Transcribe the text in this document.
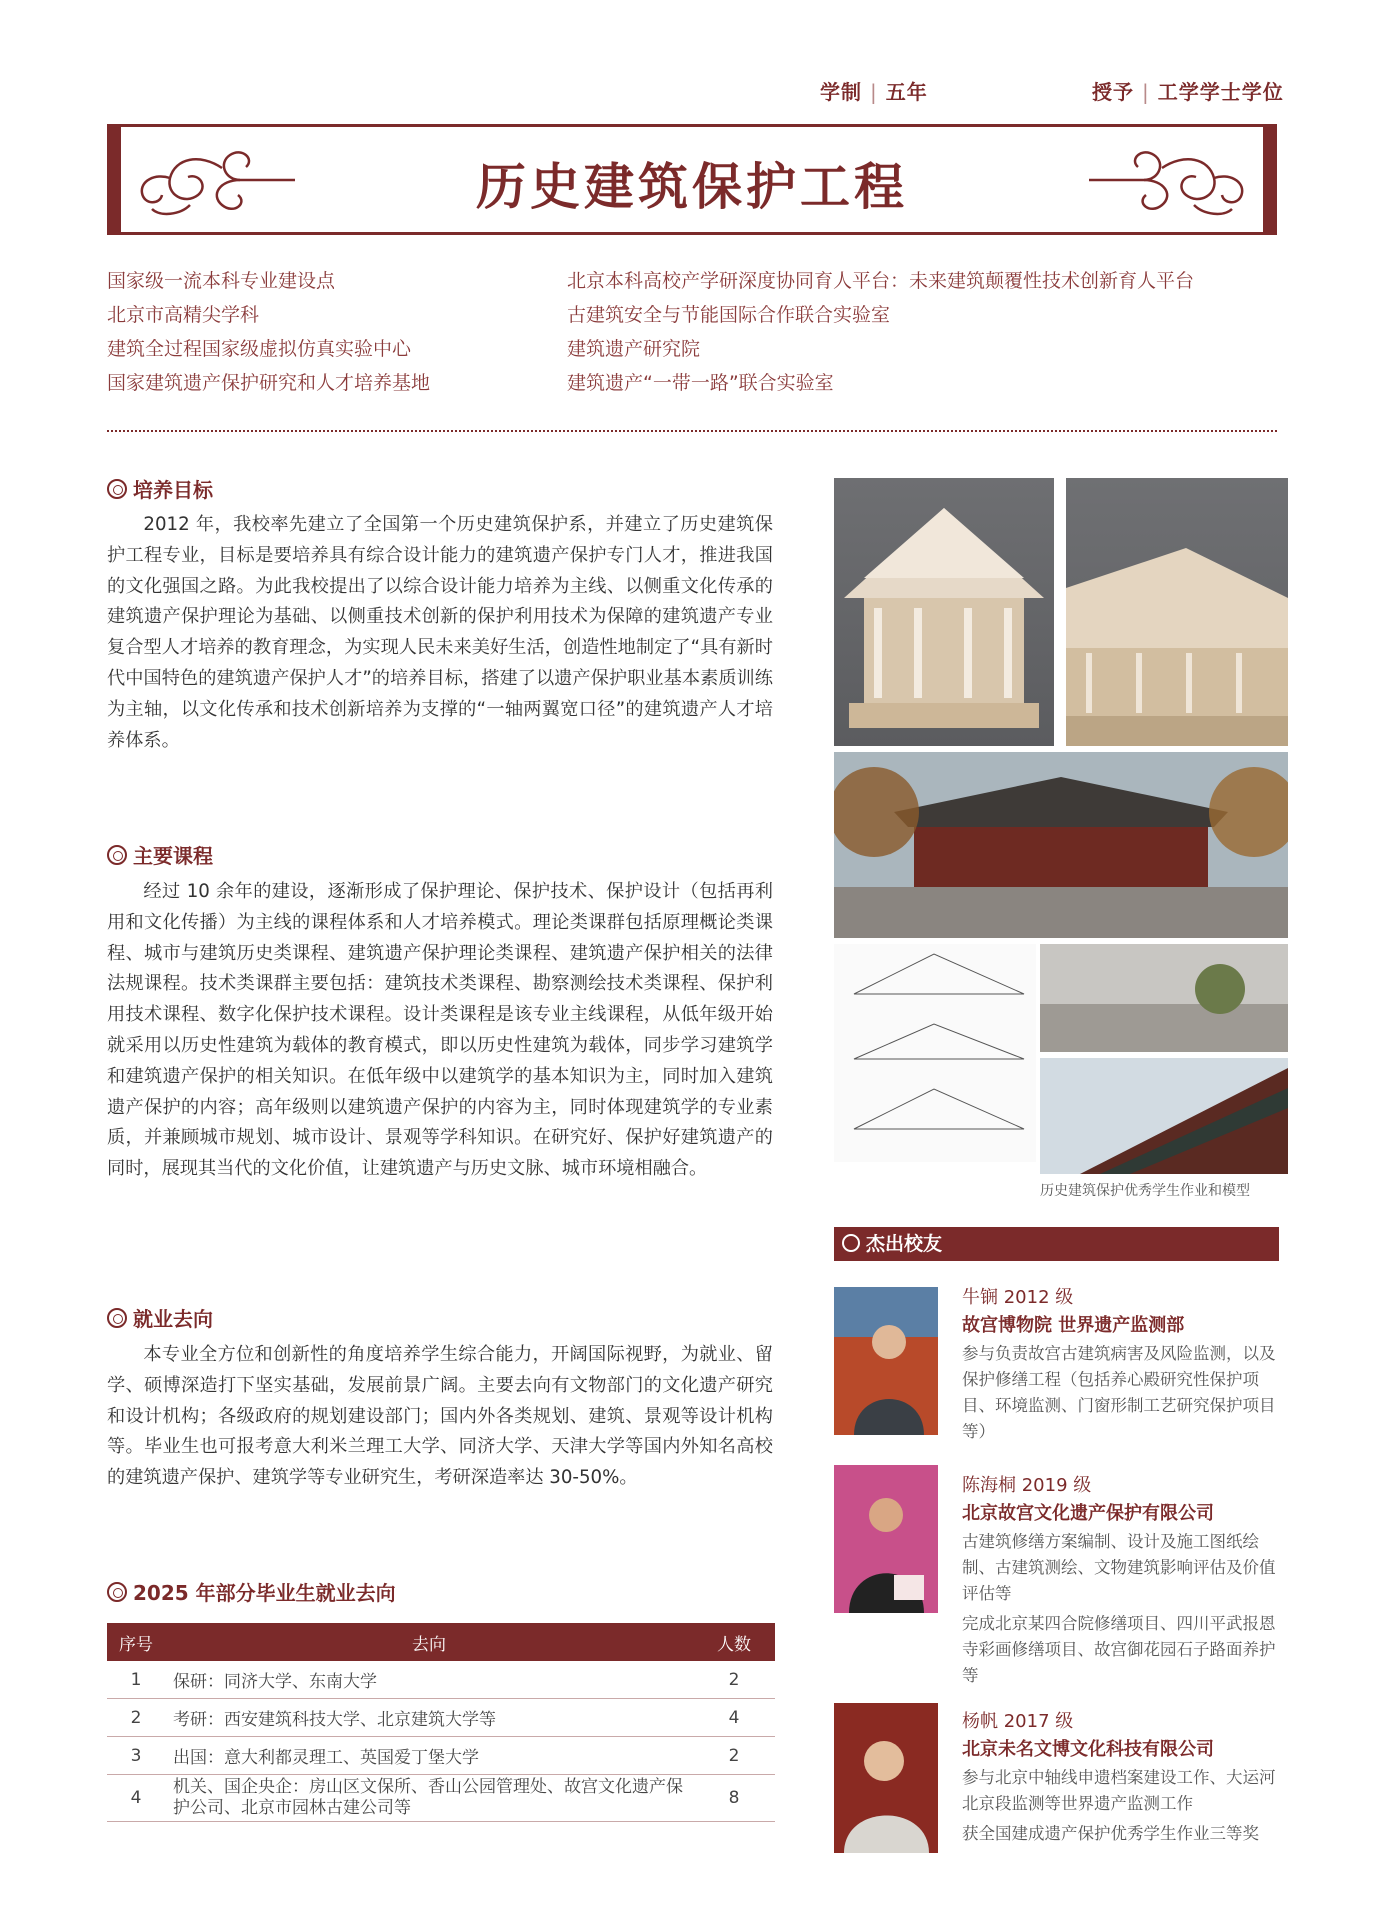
学制 | 五年	授予 | 工学学士学位
历史建筑保护工程
国家级一流本科专业建设点
北京市高精尖学科
建筑全过程国家级虚拟仿真实验中心
国家建筑遗产保护研究和人才培养基地
北京本科高校产学研深度协同育人平台：未来建筑颠覆性技术创新育人平台
古建筑安全与节能国际合作联合实验室
建筑遗产研究院
建筑遗产“一带一路”联合实验室
培养目标
2012 年，我校率先建立了全国第一个历史建筑保护系，并建立了历史建筑保护工程专业，目标是要培养具有综合设计能力的建筑遗产保护专门人才，推进我国的文化强国之路。为此我校提出了以综合设计能力培养为主线、以侧重文化传承的建筑遗产保护理论为基础、以侧重技术创新的保护利用技术为保障的建筑遗产专业复合型人才培养的教育理念，为实现人民未来美好生活，创造性地制定了“具有新时代中国特色的建筑遗产保护人才”的培养目标，搭建了以遗产保护职业基本素质训练为主轴，以文化传承和技术创新培养为支撑的“一轴两翼宽口径”的建筑遗产人才培养体系。
主要课程
经过 10 余年的建设，逐渐形成了保护理论、保护技术、保护设计（包括再利用和文化传播）为主线的课程体系和人才培养模式。理论类课群包括原理概论类课程、城市与建筑历史类课程、建筑遗产保护理论类课程、建筑遗产保护相关的法律法规课程。技术类课群主要包括：建筑技术类课程、勘察测绘技术类课程、保护利用技术课程、数字化保护技术课程。设计类课程是该专业主线课程，从低年级开始就采用以历史性建筑为载体的教育模式，即以历史性建筑为载体，同步学习建筑学和建筑遗产保护的相关知识。在低年级中以建筑学的基本知识为主，同时加入建筑遗产保护的内容；高年级则以建筑遗产保护的内容为主，同时体现建筑学的专业素质，并兼顾城市规划、城市设计、景观等学科知识。在研究好、保护好建筑遗产的同时，展现其当代的文化价值，让建筑遗产与历史文脉、城市环境相融合。
就业去向
本专业全方位和创新性的角度培养学生综合能力，开阔国际视野，为就业、留学、硕博深造打下坚实基础，发展前景广阔。主要去向有文物部门的文化遗产研究和设计机构；各级政府的规划建设部门；国内外各类规划、建筑、景观等设计机构等。毕业生也可报考意大利米兰理工大学、同济大学、天津大学等国内外知名高校的建筑遗产保护、建筑学等专业研究生，考研深造率达 30-50%。
2025 年部分毕业生就业去向
序号	去向	人数
1	保研：同济大学、东南大学	2
2	考研：西安建筑科技大学、北京建筑大学等	4
3	出国：意大利都灵理工、英国爱丁堡大学	2
4	机关、国企央企：房山区文保所、香山公园管理处、故宫文化遗产保护公司、北京市园林古建公司等	8
历史建筑保护优秀学生作业和模型
杰出校友
牛锎 2012 级
故宫博物院 世界遗产监测部
参与负责故宫古建筑病害及风险监测，以及保护修缮工程（包括养心殿研究性保护项目、环境监测、门窗形制工艺研究保护项目等）
陈海桐 2019 级
北京故宫文化遗产保护有限公司
古建筑修缮方案编制、设计及施工图纸绘制、古建筑测绘、文物建筑影响评估及价值评估等
完成北京某四合院修缮项目、四川平武报恩寺彩画修缮项目、故宫御花园石子路面养护等
杨帆 2017 级
北京未名文博文化科技有限公司
参与北京中轴线申遗档案建设工作、大运河北京段监测等世界遗产监测工作
获全国建成遗产保护优秀学生作业三等奖
